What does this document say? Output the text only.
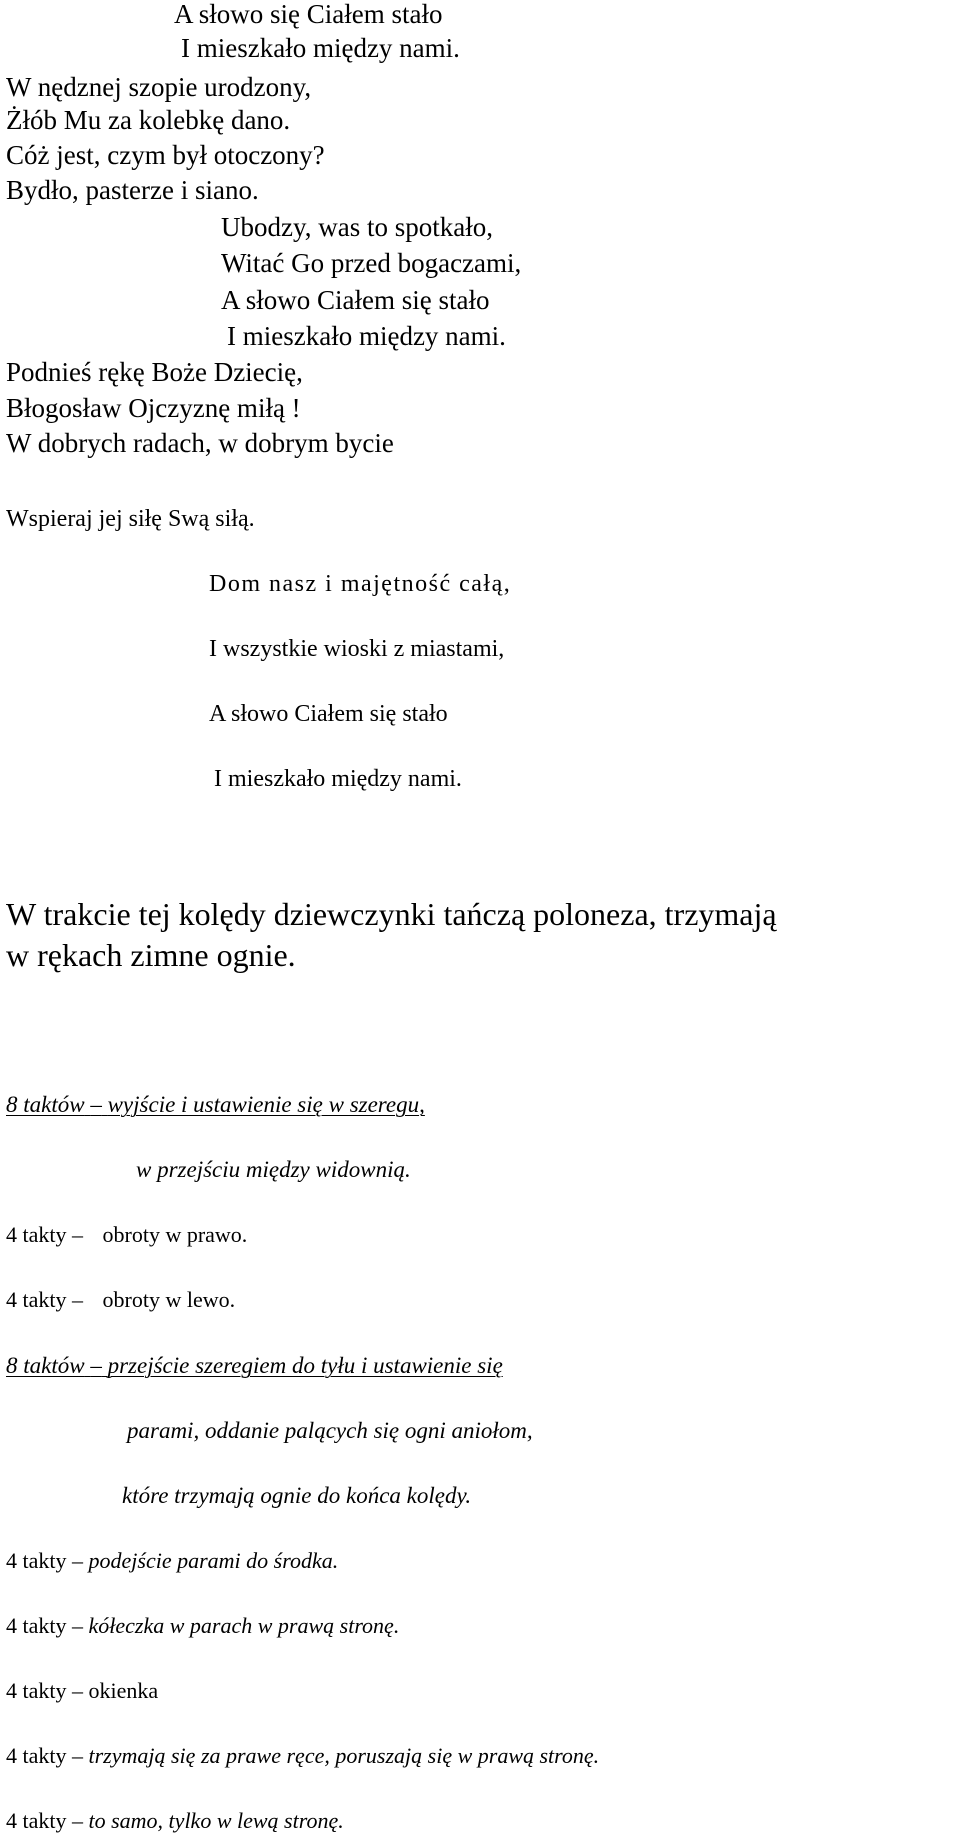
A słowo się Ciałem stało
I mieszkało między nami.
W nędznej szopie urodzony,
Żłób Mu za kolebkę dano.
Cóż jest, czym był otoczony?
Bydło, pasterze i siano.
Ubodzy, was to spotkało,
Witać Go przed bogaczami,
A słowo Ciałem się stało
I mieszkało między nami.
Podnieś rękę Boże Dziecię,
Błogosław Ojczyznę miłą !
W dobrych radach, w dobrym bycie
Wspieraj jej siłę Swą siłą.
Dom nasz i majętność całą,
I wszystkie wioski z miastami,
A słowo Ciałem się stało
I mieszkało między nami.
W trakcie tej kolędy dziewczynki tańczą poloneza, trzymają
w rękach zimne ognie.
8 taktów – wyjście i ustawienie się w szeregu,
w przejściu między widownią.
4 takty – obroty w prawo.
4 takty – obroty w lewo.
8 taktów – przejście szeregiem do tyłu i ustawienie się
parami, oddanie palących się ogni aniołom,
które trzymają ognie do końca kolędy.
4 takty – podejście parami do środka.
4 takty – kółeczka w parach w prawą stronę.
4 takty – okienka
4 takty – trzymają się za prawe ręce, poruszają się w prawą stronę.
4 takty – to samo, tylko w lewą stronę.
